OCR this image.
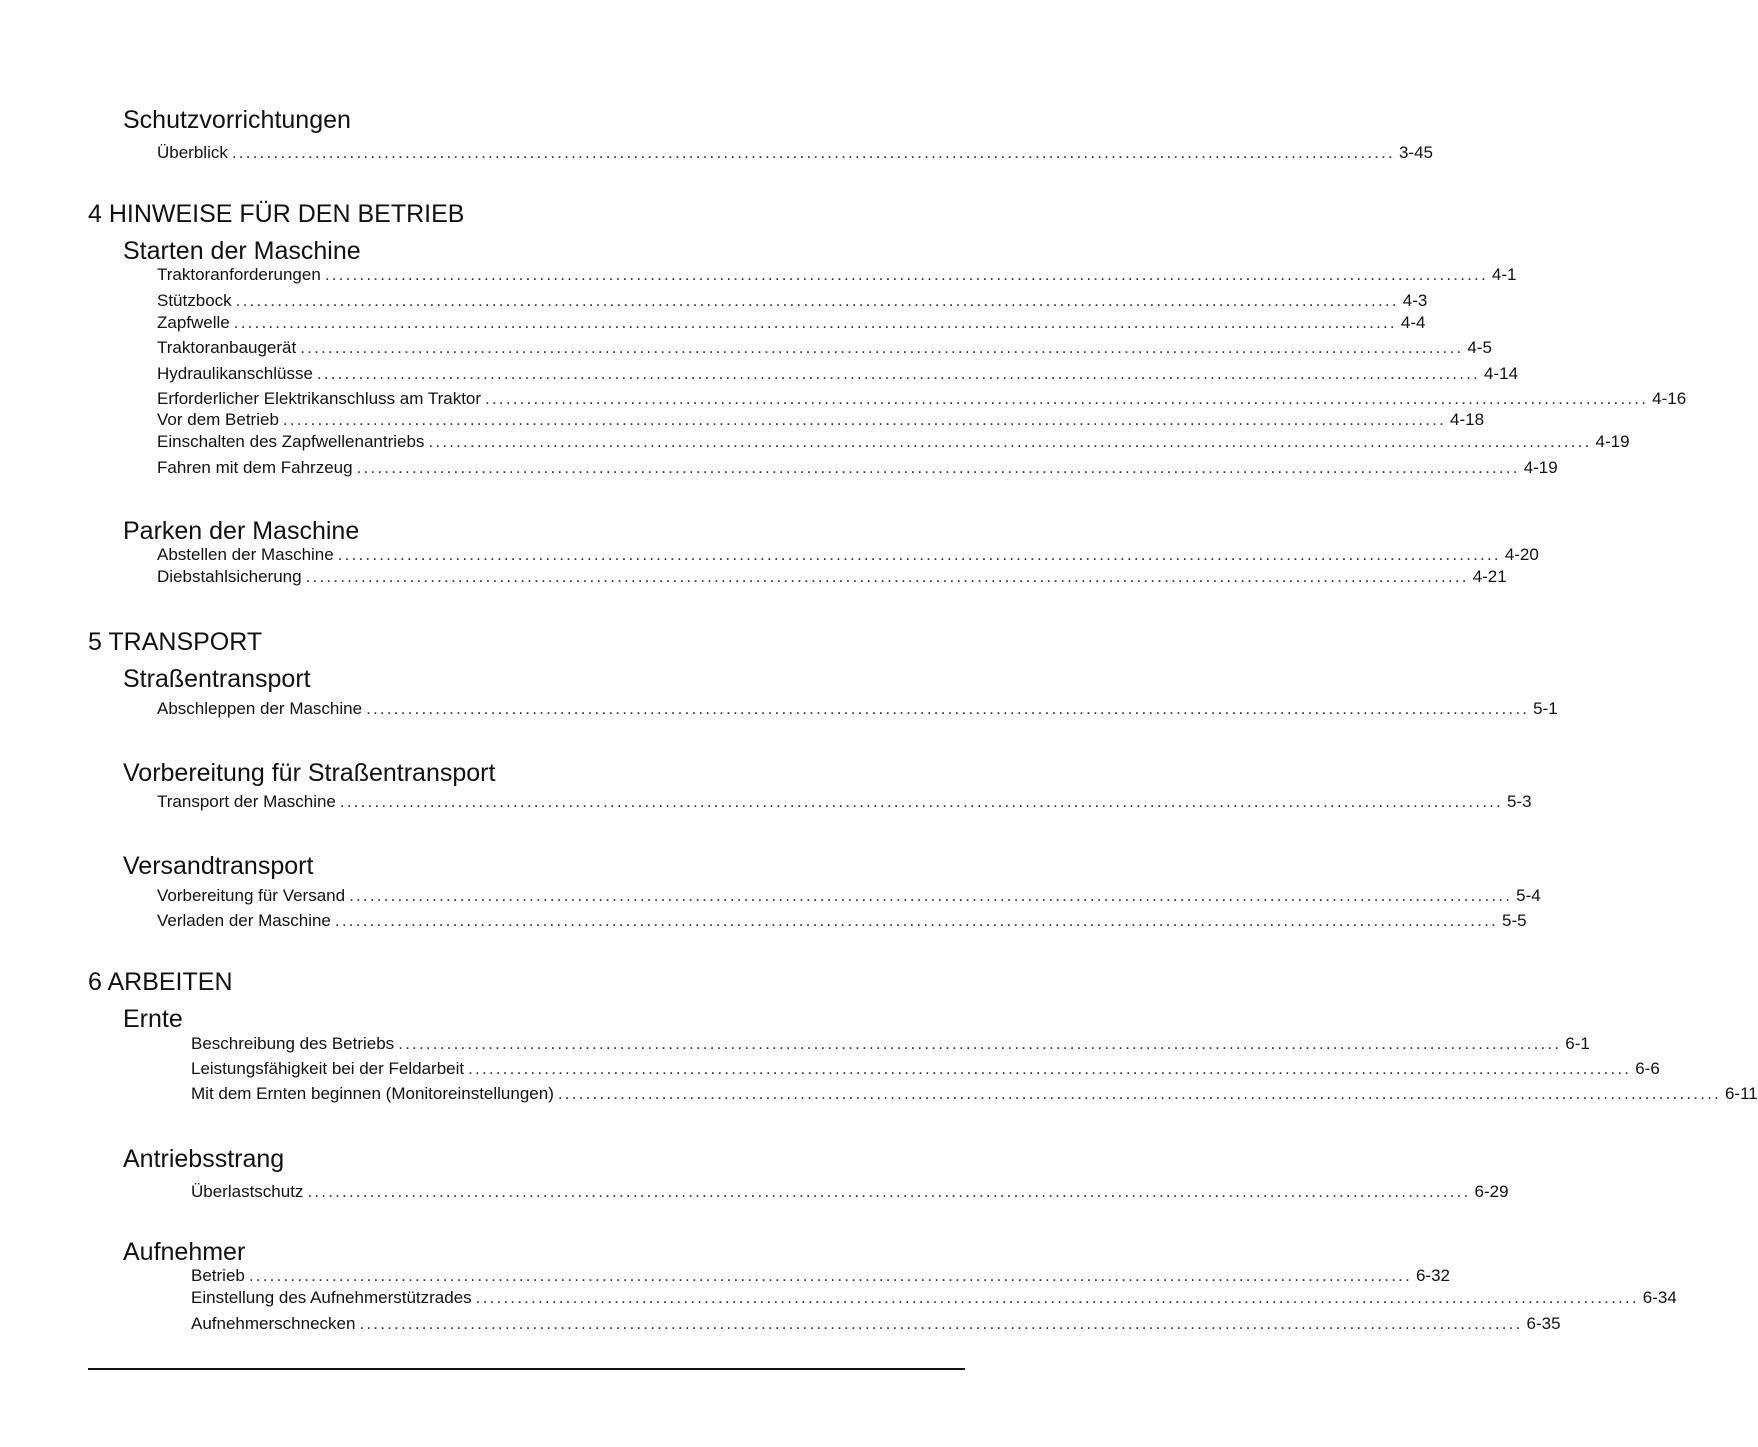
Schutzvorrichtungen
Überblick ........................................................................................................................................................................ 3-45
4 HINWEISE FÜR DEN BETRIEB
Starten der Maschine
Traktoranforderungen ........................................................................................................................................................................ 4-1
Stützbock ........................................................................................................................................................................ 4-3
Zapfwelle ........................................................................................................................................................................ 4-4
Traktoranbaugerät ........................................................................................................................................................................ 4-5
Hydraulikanschlüsse ........................................................................................................................................................................ 4-14
Erforderlicher Elektrikanschluss am Traktor ........................................................................................................................................................................ 4-16
Vor dem Betrieb ........................................................................................................................................................................ 4-18
Einschalten des Zapfwellenantriebs ........................................................................................................................................................................ 4-19
Fahren mit dem Fahrzeug ........................................................................................................................................................................ 4-19
Parken der Maschine
Abstellen der Maschine ........................................................................................................................................................................ 4-20
Diebstahlsicherung ........................................................................................................................................................................ 4-21
5 TRANSPORT
Straßentransport
Abschleppen der Maschine ........................................................................................................................................................................ 5-1
Vorbereitung für Straßentransport
Transport der Maschine ........................................................................................................................................................................ 5-3
Versandtransport
Vorbereitung für Versand ........................................................................................................................................................................ 5-4
Verladen der Maschine ........................................................................................................................................................................ 5-5
6 ARBEITEN
Ernte
Beschreibung des Betriebs ........................................................................................................................................................................ 6-1
Leistungsfähigkeit bei der Feldarbeit ........................................................................................................................................................................ 6-6
Mit dem Ernten beginnen (Monitoreinstellungen) ........................................................................................................................................................................ 6-11
Antriebsstrang
Überlastschutz ........................................................................................................................................................................ 6-29
Aufnehmer
Betrieb ........................................................................................................................................................................ 6-32
Einstellung des Aufnehmerstützrades ........................................................................................................................................................................ 6-34
Aufnehmerschnecken ........................................................................................................................................................................ 6-35
